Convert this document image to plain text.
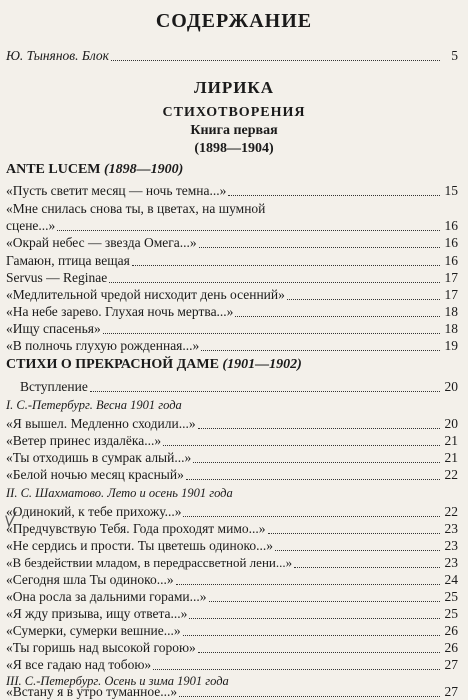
СОДЕРЖАНИЕ
Ю. Тынянов. Блок	5
ЛИРИКА
СТИХОТВОРЕНИЯ
Книга первая
(1898—1904)
ANTE LUCEM (1898—1900)
«Пусть светит месяц — ночь темна...»	15
«Мне снилась снова ты, в цветах, на шумной
сцене...»	16
«Окрай небес — звезда Омега...»	16
Гамаюн, птица вещая	16
Servus — Reginae	17
«Медлительной чредой нисходит день осенний»	17
«На небе зарево. Глухая ночь мертва...»	18
«Ищу спасенья»	18
«В полночь глухую рожденная...»	19
СТИХИ О ПРЕКРАСНОЙ ДАМЕ (1901—1902)
Вступление	20
I. С.-Петербург. Весна 1901 года
«Я вышел. Медленно сходили...»	20
«Ветер принес издалёка...»	21
«Ты отходишь в сумрак алый...»	21
«Белой ночью месяц красный»	22
II. С. Шахматово. Лето и осень 1901 года
«Одинокий, к тебе прихожу...»	22
«Предчувствую Тебя. Года проходят мимо...»	23
«Не сердись и прости. Ты цветешь одиноко...»	23
«В бездействии младом, в передрассветной лени...»	23
«Сегодня шла Ты одиноко...»	24
«Она росла за дальними горами...»	25
«Я жду призыва, ищу ответа...»	25
«Сумерки, сумерки вешние...»	26
«Ты горишь над высокой горою»	26
«Я все гадаю над тобою»	27
III. С.-Петербург. Осень и зима 1901 года
«Встану я в утро туманное...»	27
